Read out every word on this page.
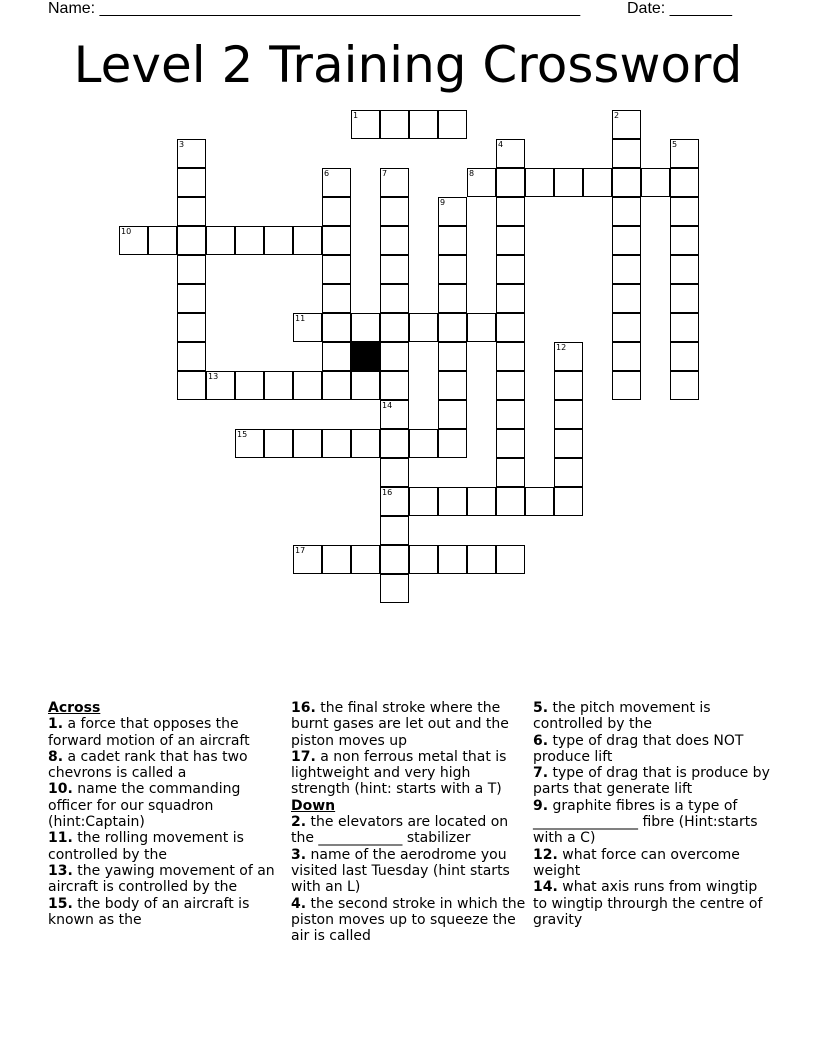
Name: ______________________________________________________	Date: _______
Level 2 Training Crossword
1
8
10
11
13
15
16
17
2
3	4	5
6	7
9
12
14

Across

1. a force that opposes the forward motion of an aircraft

8. a cadet rank that has two chevrons is called a

10. name the commanding officer for our squadron (hint:Captain)

11. the rolling movement is controlled by the

13. the yawing movement of an aircraft is controlled by the

15. the body of an aircraft is known as the

16. the final stroke where the burnt gases are let out and the piston moves up

17. a non ferrous metal that is lightweight and very high strength (hint: starts with a T)

Down

2. the elevators are located on the ____________ stabilizer

3. name of the aerodrome you visited last Tuesday (hint starts with an L)

4. the second stroke in which the piston moves up to squeeze the air is called

5. the pitch movement is controlled by the

6. type of drag that does NOT produce lift

7. type of drag that is produce by parts that generate lift

9. graphite fibres is a type of _______________ fibre (Hint:starts with a C)

12. what force can overcome weight

14. what axis runs from wingtip to wingtip throurgh the centre of gravity
